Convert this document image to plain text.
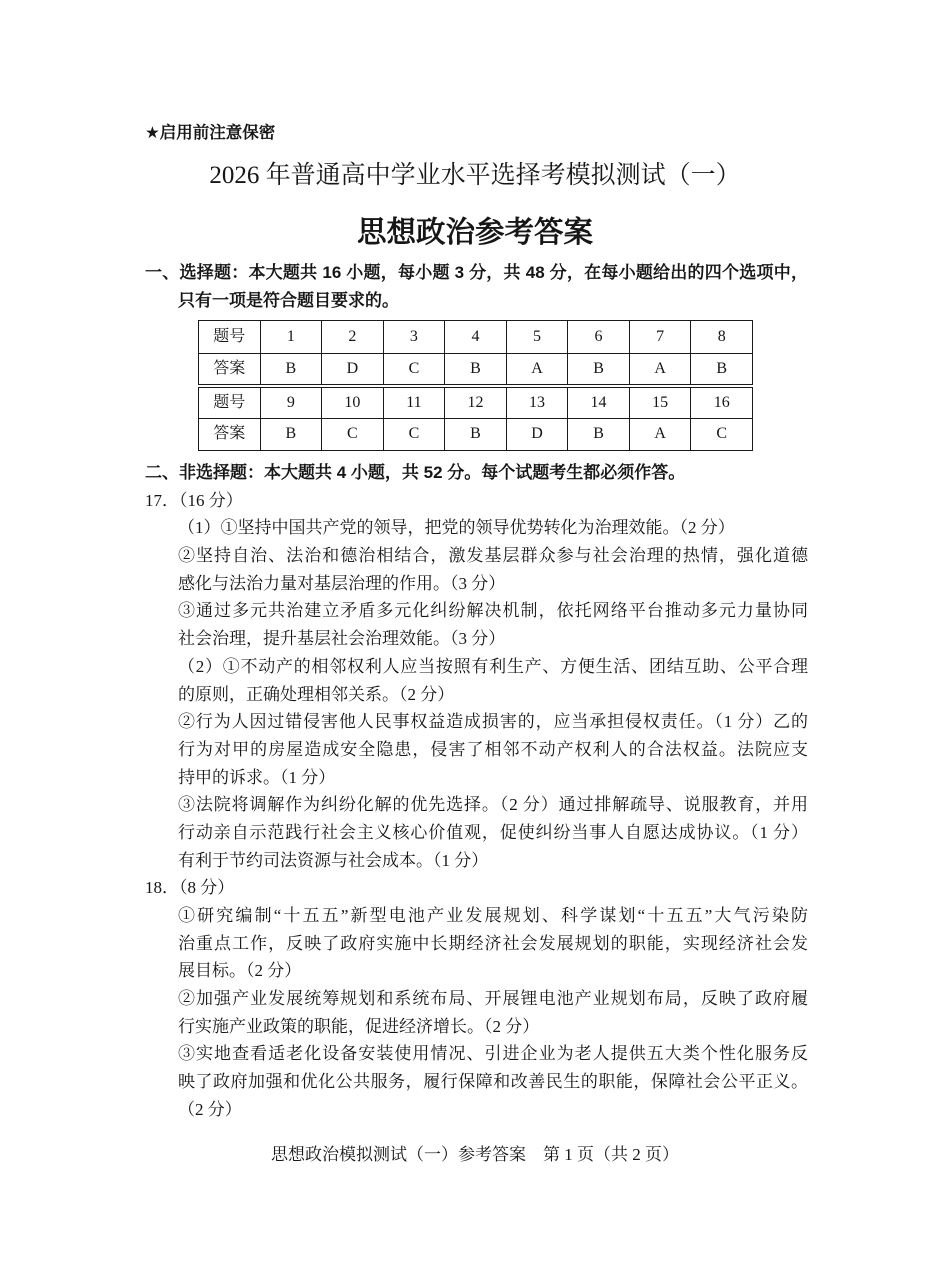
★启用前注意保密
2026 年普通高中学业水平选择考模拟测试（一）
思想政治参考答案
一、选择题：本大题共 16 小题，每小题 3 分，共 48 分，在每小题给出的四个选项中，
只有一项是符合题目要求的。
题号	1	2	3	4	5	6	7	8
答案	B	D	C	B	A	B	A	B
题号	9	10	11	12	13	14	15	16
答案	B	C	C	B	D	B	A	C
二、非选择题：本大题共 4 小题，共 52 分。每个试题考生都必须作答。
17．（16 分）
（1）①坚持中国共产党的领导，把党的领导优势转化为治理效能。（2 分）
②坚持自治、法治和德治相结合，激发基层群众参与社会治理的热情，强化道德
感化与法治力量对基层治理的作用。（3 分）
③通过多元共治建立矛盾多元化纠纷解决机制，依托网络平台推动多元力量协同
社会治理，提升基层社会治理效能。（3 分）
（2）①不动产的相邻权利人应当按照有利生产、方便生活、团结互助、公平合理
的原则，正确处理相邻关系。（2 分）
②行为人因过错侵害他人民事权益造成损害的，应当承担侵权责任。（1 分）乙的
行为对甲的房屋造成安全隐患，侵害了相邻不动产权利人的合法权益。法院应支
持甲的诉求。（1 分）
③法院将调解作为纠纷化解的优先选择。（2 分）通过排解疏导、说服教育，并用
行动亲自示范践行社会主义核心价值观，促使纠纷当事人自愿达成协议。（1 分）
有利于节约司法资源与社会成本。（1 分）
18．（8 分）
①研究编制“十五五”新型电池产业发展规划、科学谋划“十五五”大气污染防
治重点工作，反映了政府实施中长期经济社会发展规划的职能，实现经济社会发
展目标。（2 分）
②加强产业发展统筹规划和系统布局、开展锂电池产业规划布局，反映了政府履
行实施产业政策的职能，促进经济增长。（2 分）
③实地查看适老化设备安装使用情况、引进企业为老人提供五大类个性化服务反
映了政府加强和优化公共服务，履行保障和改善民生的职能，保障社会公平正义。
（2 分）
思想政治模拟测试（一）参考答案　第 1 页（共 2 页）
